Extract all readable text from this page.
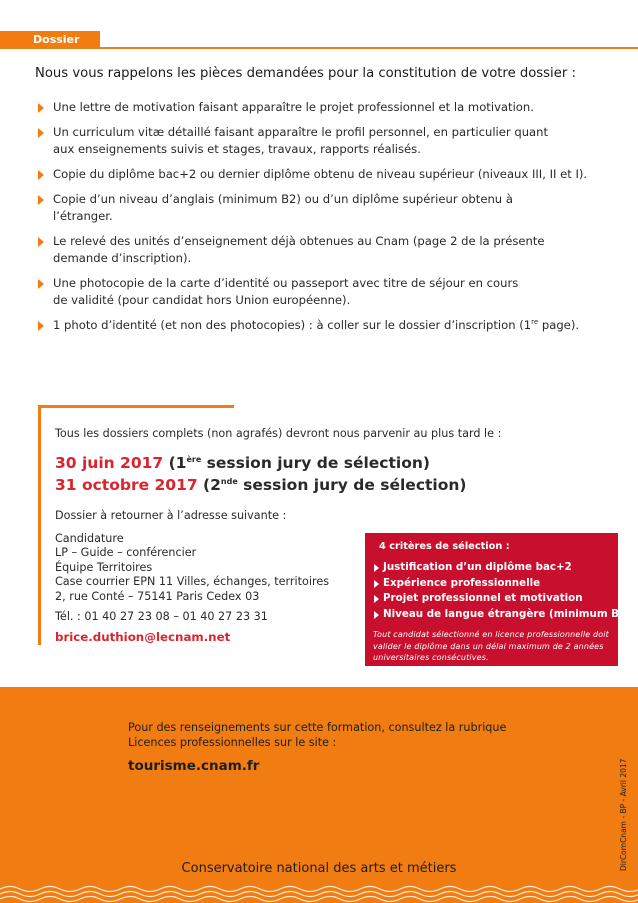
Dossier
Nous vous rappelons les pièces demandées pour la constitution de votre dossier :
Une lettre de motivation faisant apparaître le projet professionnel et la motivation.
Un curriculum vitæ détaillé faisant apparaître le profil personnel, en particulier quant
aux enseignements suivis et stages, travaux, rapports réalisés.
Copie du diplôme bac+2 ou dernier diplôme obtenu de niveau supérieur (niveaux III, II et I).
Copie d’un niveau d’anglais (minimum B2) ou d’un diplôme supérieur obtenu à
l’étranger.
Le relevé des unités d’enseignement déjà obtenues au Cnam (page 2 de la présente
demande d’inscription).
Une photocopie de la carte d’identité ou passeport avec titre de séjour en cours
de validité (pour candidat hors Union européenne).
1 photo d’identité (et non des photocopies) : à coller sur le dossier d’inscription (1re page).
Tous les dossiers complets (non agrafés) devront nous parvenir au plus tard le :
30 juin 2017 (1ère session jury de sélection)
31 octobre 2017 (2nde session jury de sélection)
Dossier à retourner à l’adresse suivante :
Candidature
LP – Guide – conférencier
Équipe Territoires
Case courrier EPN 11 Villes, échanges, territoires
2, rue Conté – 75141 Paris Cedex 03
Tél. : 01 40 27 23 08 – 01 40 27 23 31
brice.duthion@lecnam.net
4 critères de sélection :
Justification d’un diplôme bac+2
Expérience professionnelle
Projet professionnel et motivation
Niveau de langue étrangère (minimum B2)
Tout candidat sélectionné en licence professionnelle doit valider le diplôme dans un délai maximum de 2 années universitaires consécutives.
Pour des renseignements sur cette formation, consultez la rubrique
Licences professionnelles sur le site :
tourisme.cnam.fr	DirComCnam - BP - Avril 2017
Conservatoire national des arts et métiers
